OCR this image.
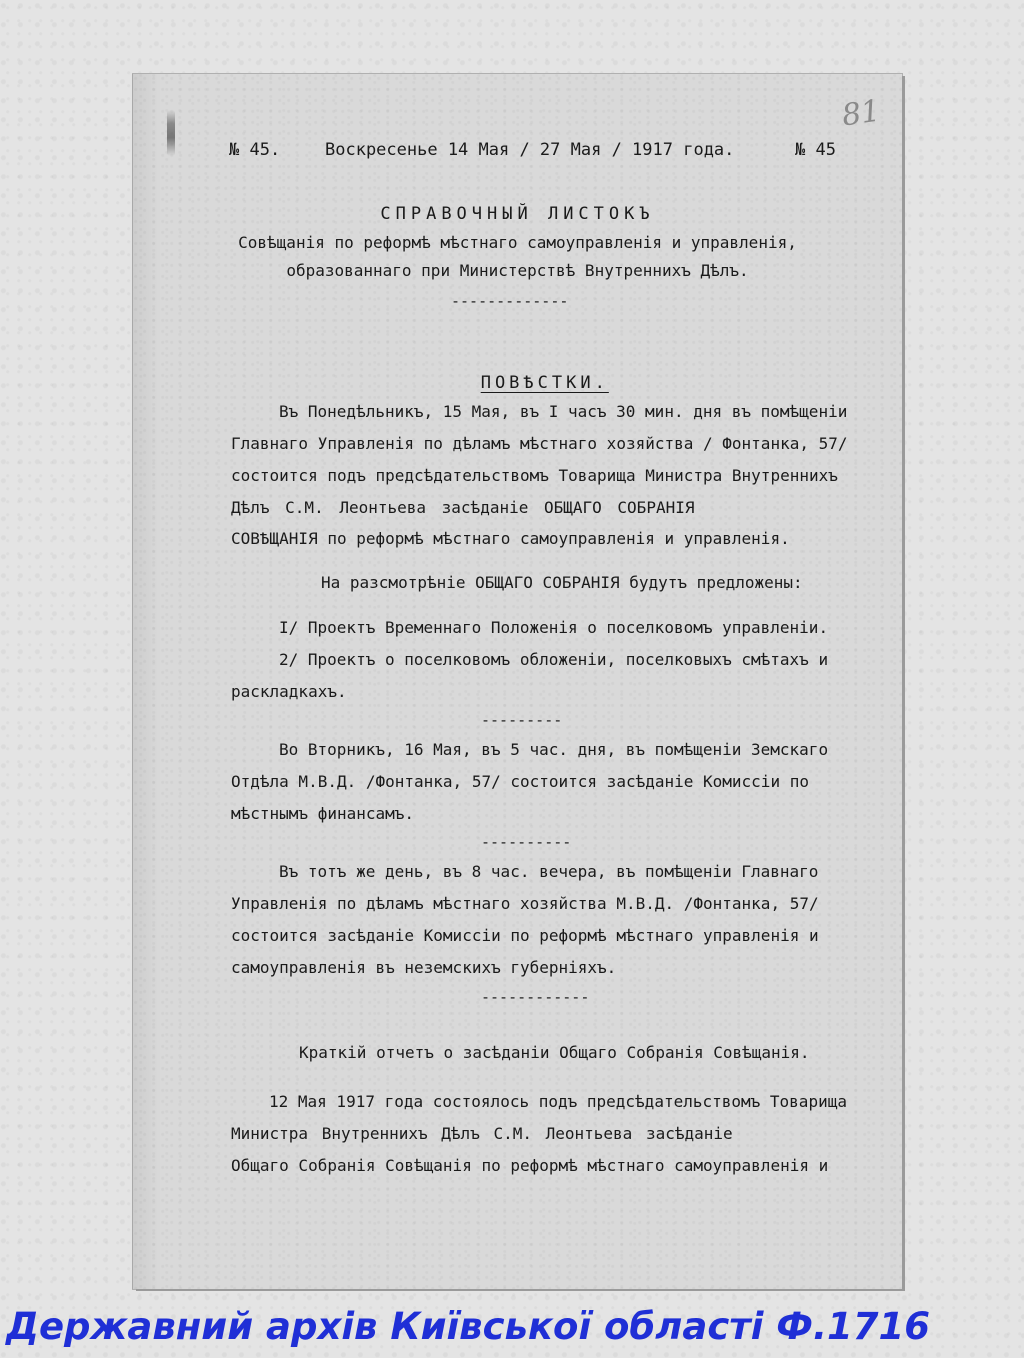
81
№ 45.	Воскресенье 14 Мая / 27 Мая / 1917 года.	№ 45
СПРАВОЧНЫЙ ЛИСТОКЪ
Совѣщанія по реформѣ мѣстнаго самоуправленія и управленія,
образованнаго при Министерствѣ Внутреннихъ Дѣлъ.
-------------

ПОВѢСТКИ.

Въ Понедѣльникъ, 15 Мая, въ I часъ 30 мин. дня въ помѣщеніи
Главнаго Управленія по дѣламъ мѣстнаго хозяйства / Фонтанка, 57/
состоится подъ предсѣдательствомъ Товарища Министра Внутреннихъ
Дѣлъ С.М. Леонтьева засѣданіе ОБЩАГО СОБРАНІЯ
СОВѢЩАНІЯ по реформѣ мѣстнаго самоуправленія и управленія.
На разсмотрѣніе ОБЩАГО СОБРАНІЯ будутъ предложены:
I/ Проектъ Временнаго Положенія о поселковомъ управленіи.
2/ Проектъ о поселковомъ обложеніи, поселковыхъ смѣтахъ и
раскладкахъ.
---------
Во Вторникъ, 16 Мая, въ 5 час. дня, въ помѣщеніи Земскаго
Отдѣла М.В.Д. /Фонтанка, 57/ состоится засѣданіе Комиссіи по
мѣстнымъ финансамъ.
----------
Въ тотъ же день, въ 8 час. вечера, въ помѣщеніи Главнаго
Управленія по дѣламъ мѣстнаго хозяйства М.В.Д. /Фонтанка, 57/
состоится засѣданіе Комиссіи по реформѣ мѣстнаго управленія и
самоуправленія въ неземскихъ губерніяхъ.
------------
Краткій отчетъ о засѣданіи Общаго Собранія Совѣщанія.
12 Мая 1917 года состоялось подъ предсѣдательствомъ Товарища
Министра Внутреннихъ Дѣлъ С.М. Леонтьева засѣданіе
Общаго Собранія Совѣщанія по реформѣ мѣстнаго самоуправленія и
Державний архів Київської області Ф.1716
